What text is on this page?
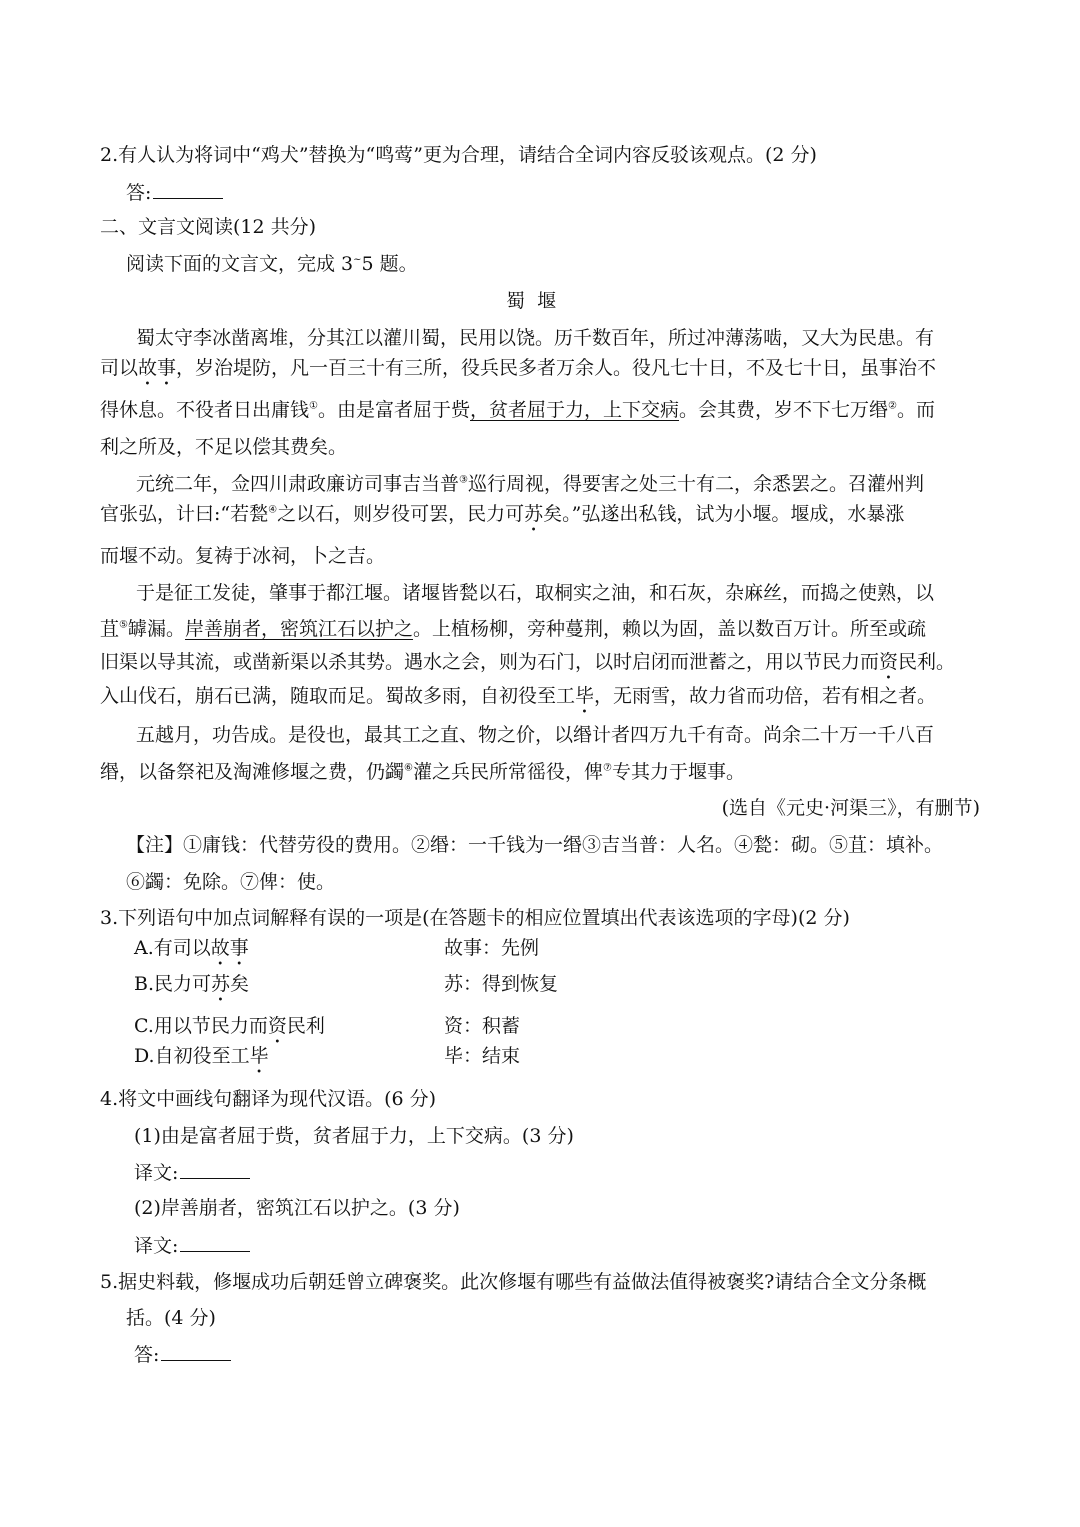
2.有人认为将词中“鸡犬”替换为“鸣莺”更为合理，请结合全词内容反驳该观点。(2 分)
答:
二、文言文阅读(12 共分)
阅读下面的文言文，完成 3~5 题。
蜀  堰
蜀太守李冰凿离堆，分其江以灌川蜀，民用以饶。历千数百年，所过冲薄荡啮，又大为民患。有
司以故事，岁治堤防，凡一百三十有三所，役兵民多者万余人。役凡七十日，不及七十日，虽事治不
得休息。不役者日出庸钱①。由是富者屈于赀，贫者屈于力，上下交病。会其费，岁不下七万缗②。而
利之所及，不足以偿其费矣。
元统二年，佥四川肃政廉访司事吉当普③巡行周视，得要害之处三十有二，余悉罢之。召灌州判
官张弘，计曰:“若甃④之以石，则岁役可罢，民力可苏矣。”弘遂出私钱，试为小堰。堰成，水暴涨
而堰不动。复祷于冰祠，卜之吉。
于是征工发徒，肇事于都江堰。诸堰皆甃以石，取桐实之油，和石灰，杂麻丝，而捣之使熟，以
苴⑤罅漏。岸善崩者，密筑江石以护之。上植杨柳，旁种蔓荆，赖以为固，盖以数百万计。所至或疏
旧渠以导其流，或凿新渠以杀其势。遇水之会，则为石门，以时启闭而泄蓄之，用以节民力而资民利。
入山伐石，崩石已满，随取而足。蜀故多雨，自初役至工毕，无雨雪，故力省而功倍，若有相之者。
五越月，功告成。是役也，最其工之直、物之价，以缗计者四万九千有奇。尚余二十万一千八百
缗，以备祭祀及淘滩修堰之费，仍蠲⑥灌之兵民所常徭役，俾⑦专其力于堰事。
(选自《元史·河渠三》，有删节)
【注】①庸钱：代替劳役的费用。②缗：一千钱为一缗③吉当普：人名。④甃：砌。⑤苴：填补。
⑥蠲：免除。⑦俾：使。
3.下列语句中加点词解释有误的一项是(在答题卡的相应位置填出代表该选项的字母)(2 分)
A.有司以故事	故事：先例
B.民力可苏矣	苏：得到恢复
C.用以节民力而资民利	资：积蓄
D.自初役至工毕	毕：结束
4.将文中画线句翻译为现代汉语。(6 分)
(1)由是富者屈于赀，贫者屈于力，上下交病。(3 分)
译文:
(2)岸善崩者，密筑江石以护之。(3 分)
译文:
5.据史料载，修堰成功后朝廷曾立碑褒奖。此次修堰有哪些有益做法值得被褒奖?请结合全文分条概
括。(4 分)
答:
